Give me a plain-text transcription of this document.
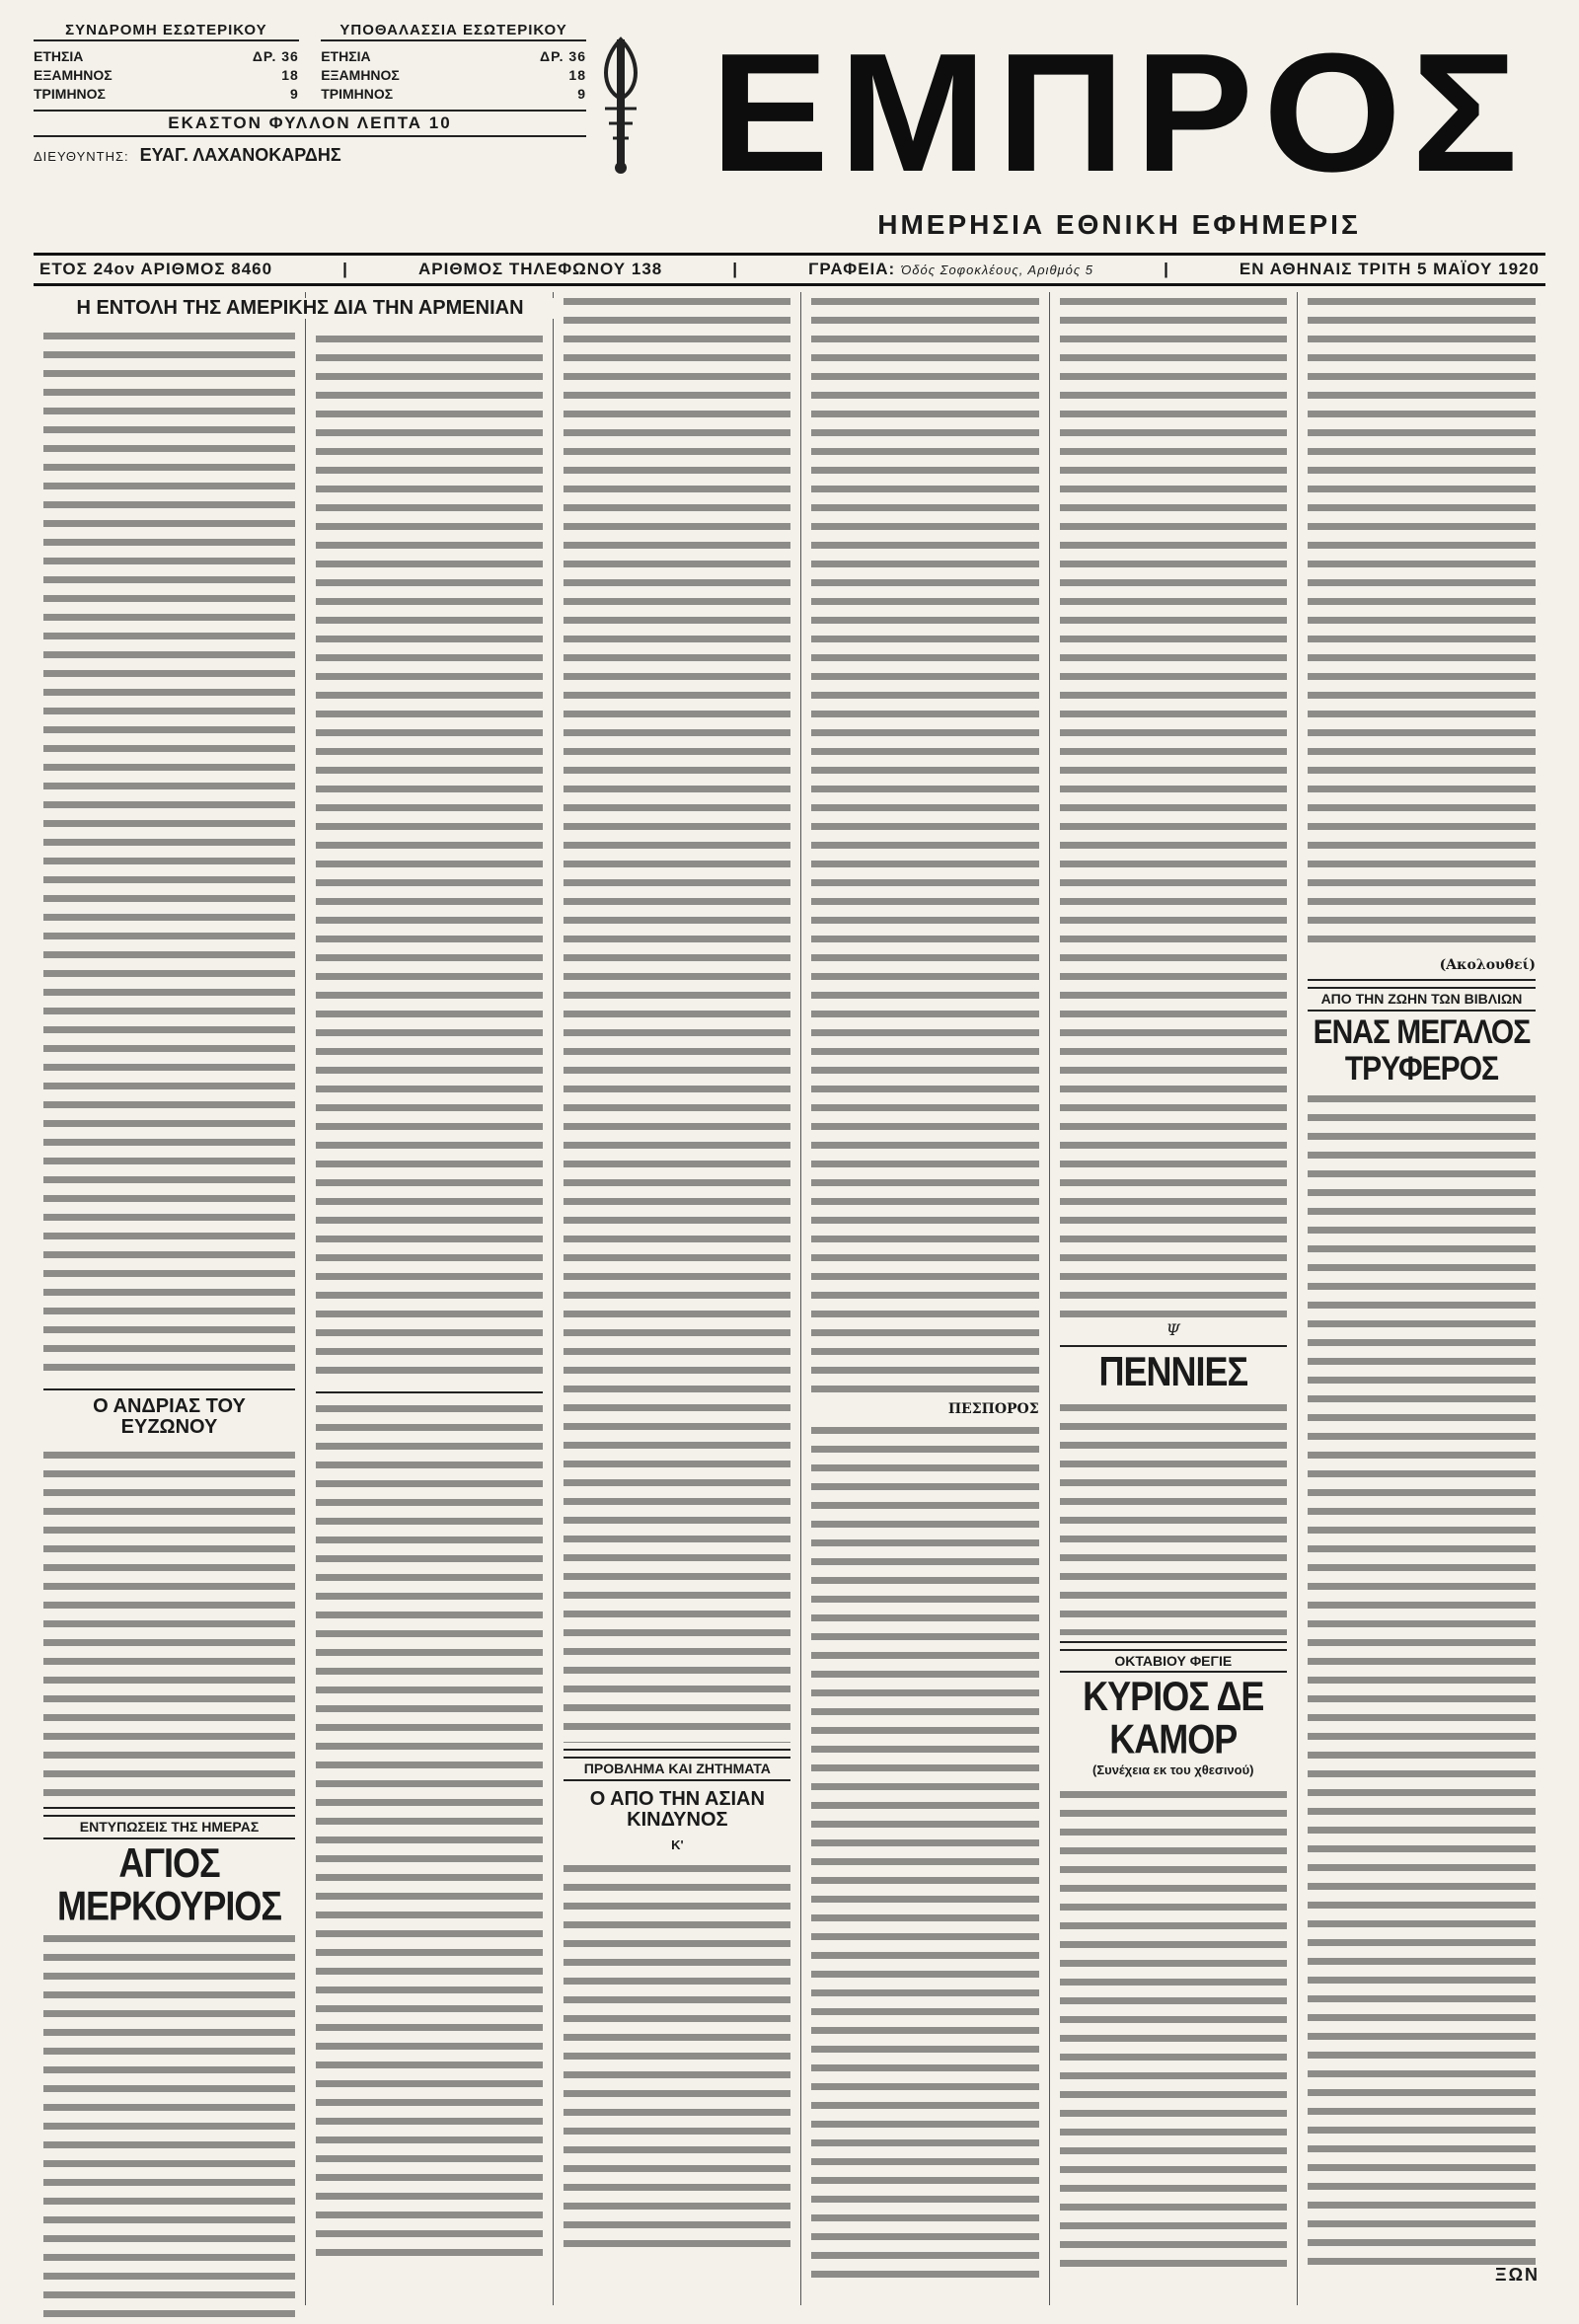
ΣΥΝΔΡΟΜΗ ΕΣΩΤΕΡΙΚΟΥ	ΥΠΟΘΑΛΑΣΣΙΑ ΕΣΩΤΕΡΙΚΟΥ
ΕΤΗΣΙΑ	ΔΡ. 36
ΕΞΑΜΗΝΟΣ	18
ΤΡΙΜΗΝΟΣ	9
ΕΤΗΣΙΑ	ΔΡ. 36
ΕΞΑΜΗΝΟΣ	18
ΤΡΙΜΗΝΟΣ	9
ΕΚΑΣΤΟΝ ΦΥΛΛΟΝ ΛΕΠΤΑ 10
ΔΙΕΥΘΥΝΤΗΣ: ΕΥΑΓ. ΛΑΧΑΝΟΚΑΡΔΗΣ	ΕΜΠΡΟΣ
ΗΜΕΡΗΣΙΑ ΕΘΝΙΚΗ ΕΦΗΜΕΡΙΣ
ΕΤΟΣ 24ον ΑΡΙΘΜΟΣ 8460	|	ΑΡΙΘΜΟΣ ΤΗΛΕΦΩΝΟΥ 138	|	ΓΡΑΦΕΙΑ: Όδός Σοφοκλέους, Αριθμός 5	|	ΕΝ ΑΘΗΝΑΙΣ ΤΡΙΤΗ 5 ΜΑΪΟΥ 1920
Η ΕΝΤΟΛΗ ΤΗΣ ΑΜΕΡΙΚΗΣ ΔΙΑ ΤΗΝ ΑΡΜΕΝΙΑΝ
Ο ΑΝΔΡΙΑΣ ΤΟΥ ΕΥΖΩΝΟΥ
ΕΝΤΥΠΩΣΕΙΣ ΤΗΣ ΗΜΕΡΑΣ
ΑΓΙΟΣ ΜΕΡΚΟΥΡΙΟΣ
ΠΡΟΒΛΗΜΑ ΚΑΙ ΖΗΤΗΜΑΤΑ
Ο ΑΠΟ ΤΗΝ ΑΣΙΑΝ ΚΙΝΔΥΝΟΣ
Κ'
ΠΕΣΠΟΡΟΣ
Ψ
ΠΕΝΝΙΕΣ
ΟΚΤΑΒΙΟΥ ΦΕΓΙΕ
ΚΥΡΙΟΣ ΔΕ ΚΑΜΟΡ
(Συνέχεια εκ του χθεσινού)
(Ακολουθεί)
ΑΠΟ ΤΗΝ ΖΩΗΝ ΤΩΝ ΒΙΒΛΙΩΝ
ΕΝΑΣ ΜΕΓΑΛΟΣ ΤΡΥΦΕΡΟΣ
ΞΩΝ
